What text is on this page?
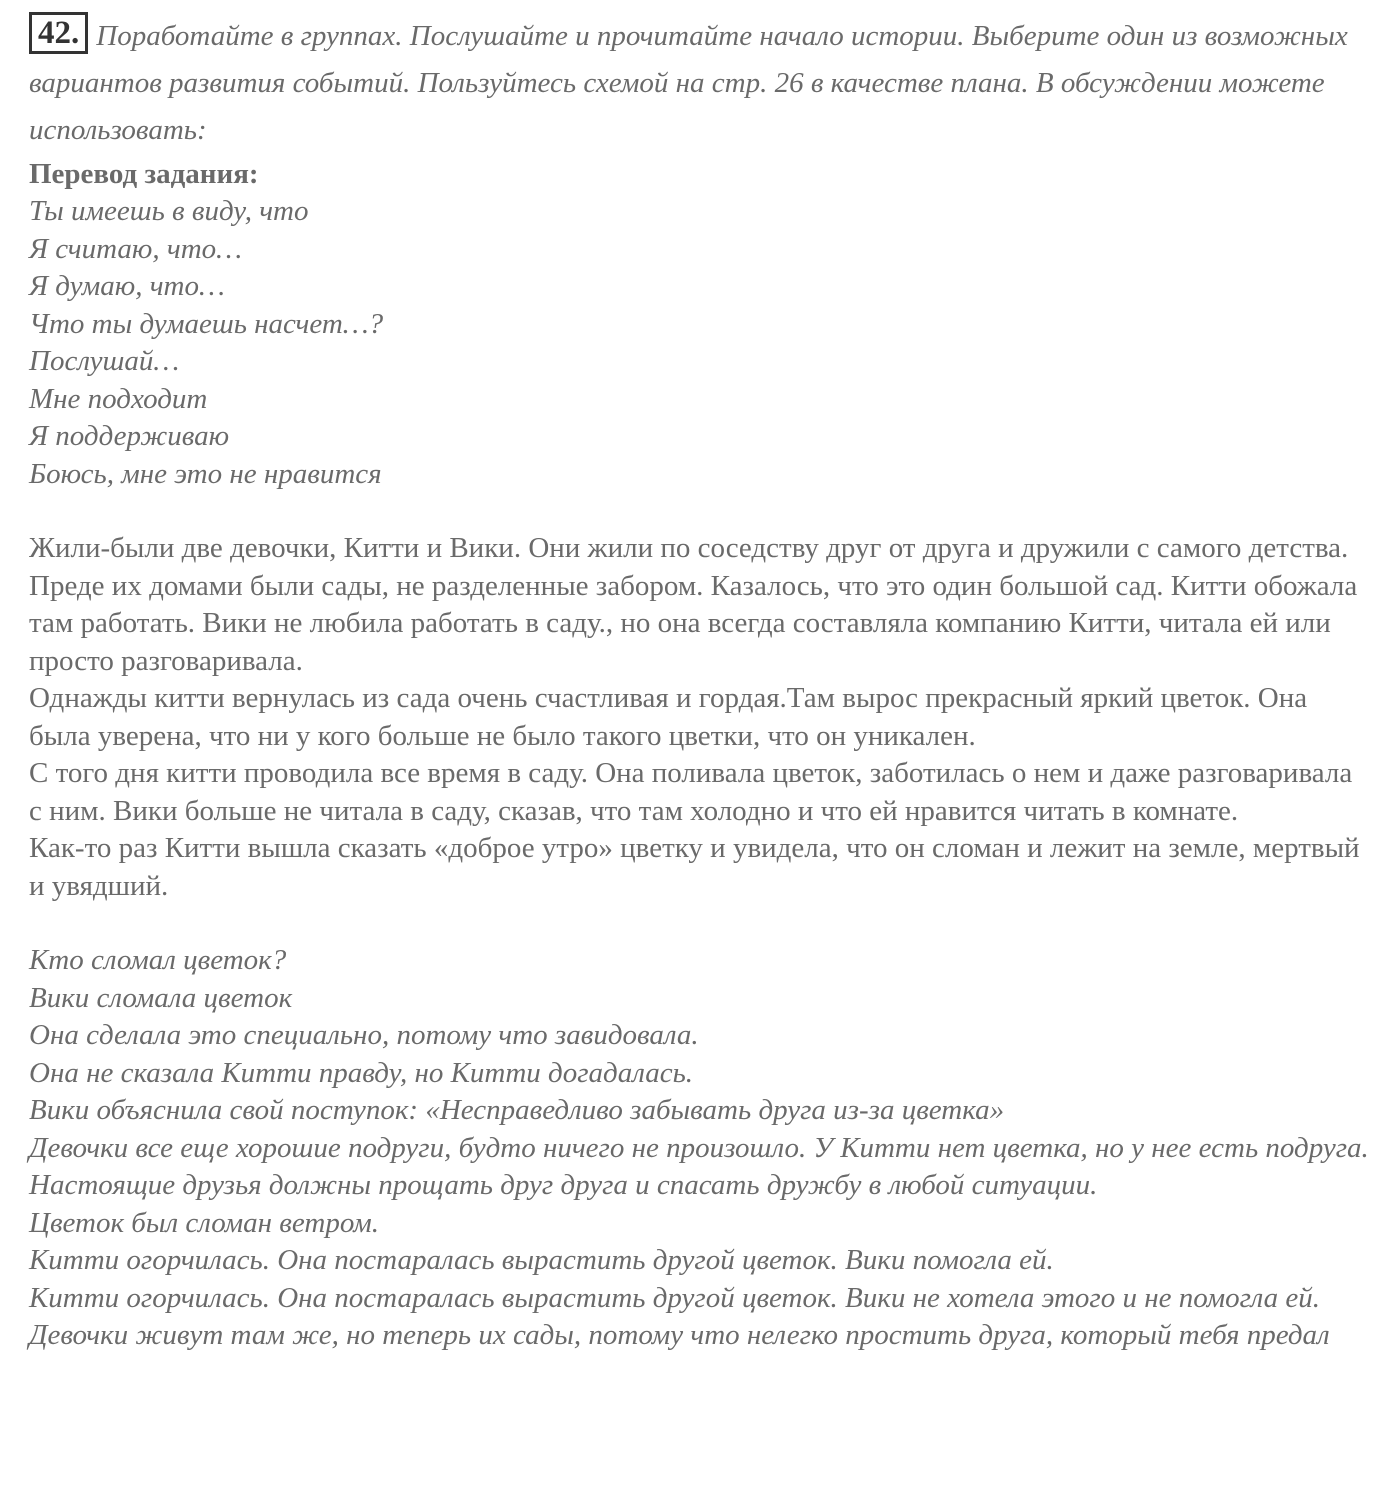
42. Поработайте в группах. Послушайте и прочитайте начало истории. Выберите один из возможных вариантов развития событий. Пользуйтесь схемой на стр. 26 в качестве плана. В обсуждении можете использовать:
Перевод задания:
Ты имеешь в виду, что
Я считаю, что…
Я думаю, что…
Что ты думаешь насчет…?
Послушай…
Мне подходит
Я поддерживаю
Боюсь, мне это не нравится

Жили-были две девочки, Китти и Вики. Они жили по соседству друг от друга и дружили с самого детства. Преде их домами были сады, не разделенные забором. Казалось, что это один большой сад. Китти обожала там работать. Вики не любила работать в саду., но она всегда составляла компанию Китти, читала ей или просто разговаривала.

Однажды китти вернулась из сада очень счастливая и гордая.Там вырос прекрасный яркий цветок. Она была уверена, что ни у кого больше не было такого цветки, что он уникален.

С того дня китти проводила все время в саду. Она поливала цветок, заботилась о нем и даже разговаривала с ним. Вики больше не читала в саду, сказав, что там холодно и что ей нравится читать в комнате.

Как-то раз Китти вышла сказать «доброе утро» цветку и увидела, что он сломан и лежит на земле, мертвый и увядший.

Кто сломал цветок?

Вики сломала цветок

Она сделала это специально, потому что завидовала.

Она не сказала Китти правду, но Китти догадалась.

Вики объяснила свой поступок: «Несправедливо забывать друга из-за цветка»

Девочки все еще хорошие подруги, будто ничего не произошло. У Китти нет цветка, но у нее есть подруга. Настоящие друзья должны прощать друг друга и спасать дружбу в любой ситуации.

Цветок был сломан ветром.

Китти огорчилась. Она постаралась вырастить другой цветок. Вики помогла ей.

Китти огорчилась. Она постаралась вырастить другой цветок. Вики не хотела этого и не помогла ей.

Девочки живут там же, но теперь их сады, потому что нелегко простить друга, который тебя предал
